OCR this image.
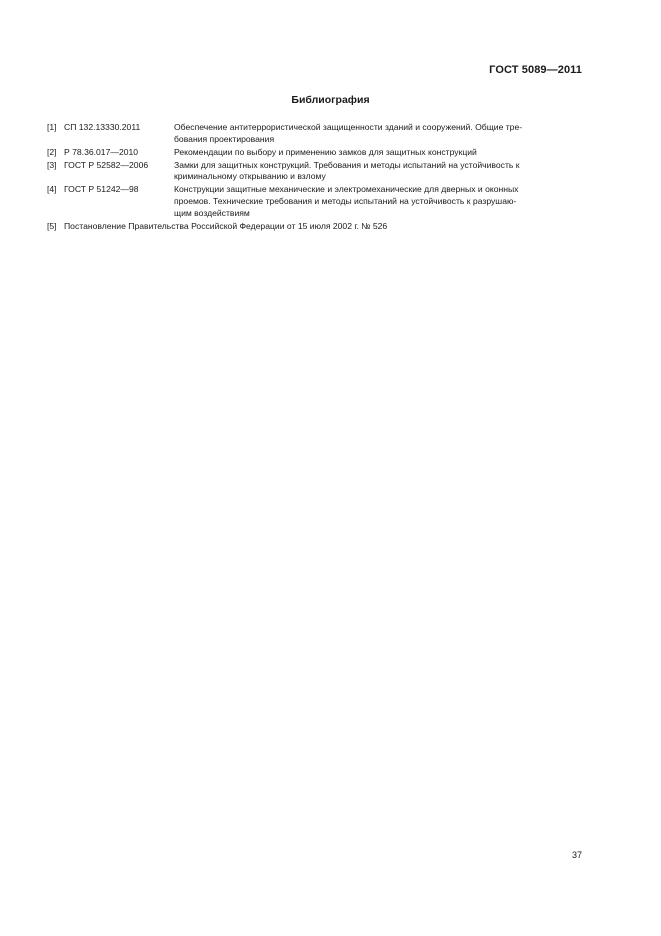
ГОСТ 5089—2011
Библиография
[1] СП 132.13330.2011	Обеспечение антитеррористической защищенности зданий и сооружений. Общие тре-
бования проектирования
[2] Р 78.36.017—2010	Рекомендации по выбору и применению замков для защитных конструкций
[3] ГОСТ Р 52582—2006	Замки для защитных конструкций. Требования и методы испытаний на устойчивость к
криминальному открыванию и взлому
[4] ГОСТ Р 51242—98	Конструкции защитные механические и электромеханические для дверных и оконных
проемов. Технические требования и методы испытаний на устойчивость к разрушаю-
щим воздействиям
[5] Постановление Правительства Российской Федерации от 15 июля 2002 г. № 526
37
